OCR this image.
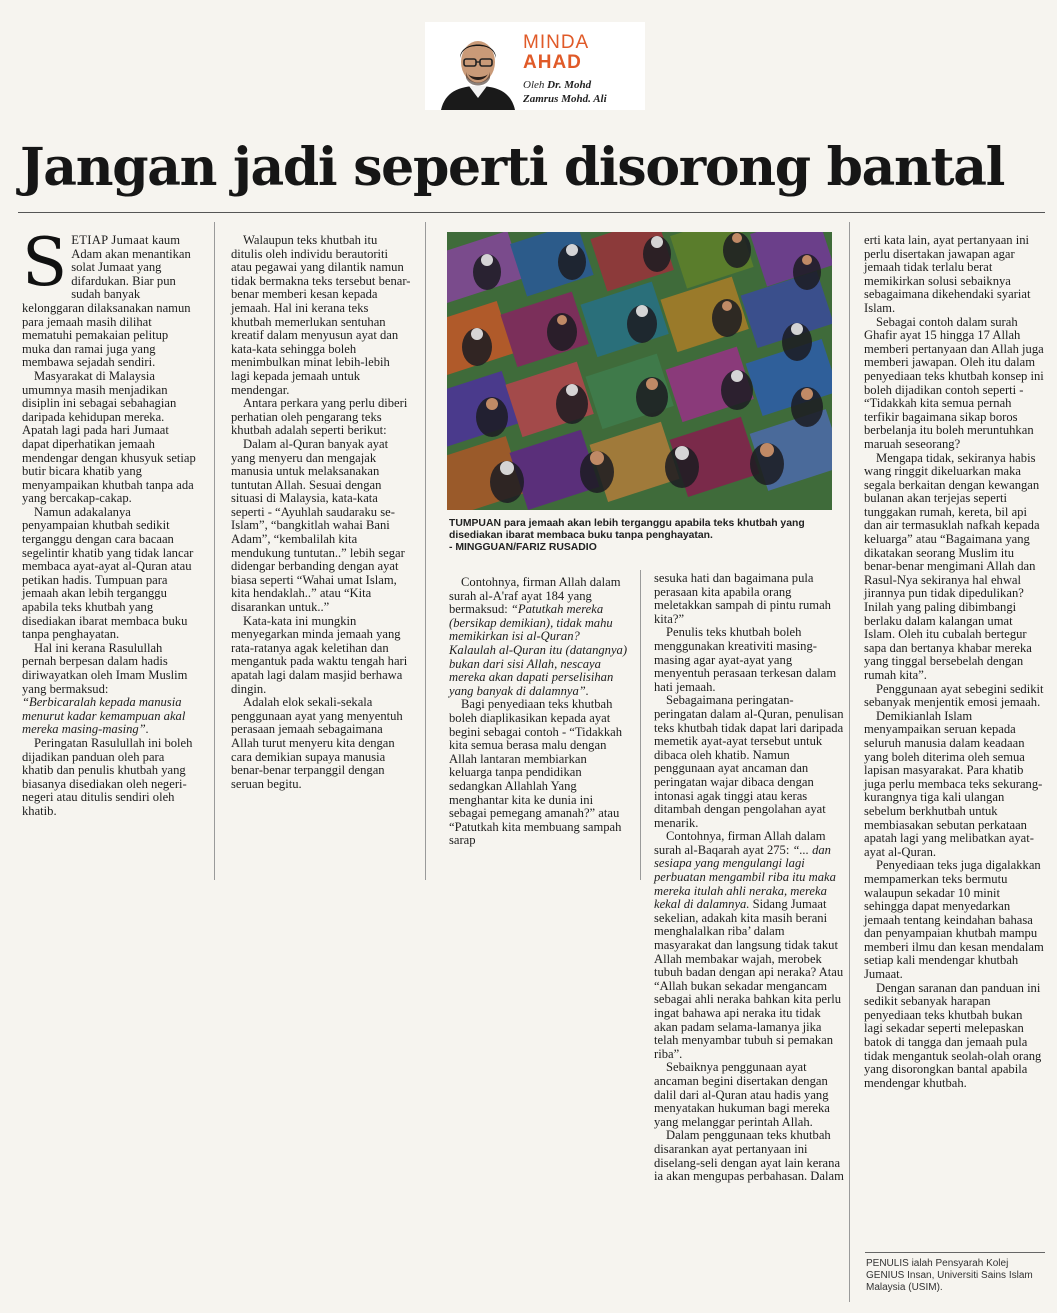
MINDA
AHAD
Oleh Dr. Mohd
Zamrus Mohd. Ali
Jangan jadi seperti disorong bantal

SETIAP Jumaat kaum Adam akan menantikan solat Jumaat yang difardukan. Biar pun sudah banyak kelonggaran dilaksanakan namun para jemaah masih dilihat mematuhi pemakaian pelitup muka dan ramai juga yang membawa sejadah sendiri.

Masyarakat di Malaysia umumnya masih menjadikan disiplin ini sebagai sebahagian daripada kehidupan mereka. Apatah lagi pada hari Jumaat dapat diperhatikan jemaah mendengar dengan khusyuk setiap butir bicara khatib yang menyampaikan khutbah tanpa ada yang bercakap-cakap.

Namun adakalanya penyampaian khutbah sedikit terganggu dengan cara bacaan segelintir khatib yang tidak lancar membaca ayat-ayat al-Quran atau petikan hadis. Tumpuan para jemaah akan lebih terganggu apabila teks khutbah yang disediakan ibarat membaca buku tanpa penghayatan.

Hal ini kerana Rasulullah pernah berpesan dalam hadis diriwayatkan oleh Imam Muslim yang bermaksud:

“Berbicaralah kepada manusia menurut kadar kemampuan akal mereka masing-masing”.

Peringatan Rasulullah ini boleh dijadikan panduan oleh para khatib dan penulis khutbah yang biasanya disediakan oleh negeri-negeri atau ditulis sendiri oleh khatib.

Walaupun teks khutbah itu ditulis oleh individu berautoriti atau pegawai yang dilantik namun tidak bermakna teks tersebut benar-benar memberi kesan kepada jemaah. Hal ini kerana teks khutbah memerlukan sentuhan kreatif dalam menyusun ayat dan kata-kata sehingga boleh menimbulkan minat lebih-lebih lagi kepada jemaah untuk mendengar.

Antara perkara yang perlu diberi perhatian oleh pengarang teks khutbah adalah seperti berikut:

Dalam al-Quran banyak ayat yang menyeru dan mengajak manusia untuk melaksanakan tuntutan Allah. Sesuai dengan situasi di Malaysia, kata-kata seperti - “Ayuhlah saudaraku se-Islam”, “bangkitlah wahai Bani Adam”, “kembalilah kita mendukung tuntutan..” lebih segar didengar berbanding dengan ayat biasa seperti “Wahai umat Islam, kita hendaklah..” atau “Kita disarankan untuk..”

Kata-kata ini mungkin menyegarkan minda jemaah yang rata-ratanya agak keletihan dan mengantuk pada waktu tengah hari apatah lagi dalam masjid berhawa dingin.

Adalah elok sekali-sekala penggunaan ayat yang menyentuh perasaan jemaah sebagaimana Allah turut menyeru kita dengan cara demikian supaya manusia benar-benar terpanggil dengan seruan begitu.

TUMPUAN para jemaah akan lebih terganggu apabila teks khutbah yang disediakan ibarat membaca buku tanpa penghayatan.
- MINGGUAN/FARIZ RUSADIO

Contohnya, firman Allah dalam surah al-A'raf ayat 184 yang bermaksud: “Patutkah mereka (bersikap demikian), tidak mahu memikirkan isi al-Quran? Kalaulah al-Quran itu (datangnya) bukan dari sisi Allah, nescaya mereka akan dapati perselisihan yang banyak di dalamnya”.

Bagi penyediaan teks khutbah boleh diaplikasikan kepada ayat begini sebagai contoh - “Tidakkah kita semua berasa malu dengan Allah lantaran membiarkan keluarga tanpa pendidikan sedangkan Allahlah Yang menghantar kita ke dunia ini sebagai pemegang amanah?” atau “Patutkah kita membuang sampah sarap

sesuka hati dan bagaimana pula perasaan kita apabila orang meletakkan sampah di pintu rumah kita?”

Penulis teks khutbah boleh menggunakan kreativiti masing-masing agar ayat-ayat yang menyentuh perasaan terkesan dalam hati jemaah.

Sebagaimana peringatan-peringatan dalam al-Quran, penulisan teks khutbah tidak dapat lari daripada memetik ayat-ayat tersebut untuk dibaca oleh khatib. Namun penggunaan ayat ancaman dan peringatan wajar dibaca dengan intonasi agak tinggi atau keras ditambah dengan pengolahan ayat menarik.

Contohnya, firman Allah dalam surah al-Baqarah ayat 275: “... dan sesiapa yang mengulangi lagi perbuatan mengambil riba itu maka mereka itulah ahli neraka, mereka kekal di dalamnya. Sidang Jumaat sekelian, adakah kita masih berani menghalalkan riba’ dalam masyarakat dan langsung tidak takut Allah membakar wajah, merobek tubuh badan dengan api neraka? Atau “Allah bukan sekadar mengancam sebagai ahli neraka bahkan kita perlu ingat bahawa api neraka itu tidak akan padam selama-lamanya jika telah menyambar tubuh si pemakan riba”.

Sebaiknya penggunaan ayat ancaman begini disertakan dengan dalil dari al-Quran atau hadis yang menyatakan hukuman bagi mereka yang melanggar perintah Allah.

Dalam penggunaan teks khutbah disarankan ayat pertanyaan ini diselang-seli dengan ayat lain kerana ia akan mengupas perbahasan. Dalam

erti kata lain, ayat pertanyaan ini perlu disertakan jawapan agar jemaah tidak terlalu berat memikirkan solusi sebaiknya sebagaimana dikehendaki syariat Islam.

Sebagai contoh dalam surah Ghafir ayat 15 hingga 17 Allah memberi pertanyaan dan Allah juga memberi jawapan. Oleh itu dalam penyediaan teks khutbah konsep ini boleh dijadikan contoh seperti - “Tidakkah kita semua pernah terfikir bagaimana sikap boros berbelanja itu boleh meruntuhkan maruah seseorang?

Mengapa tidak, sekiranya habis wang ringgit dikeluarkan maka segala berkaitan dengan kewangan bulanan akan terjejas seperti tunggakan rumah, kereta, bil api dan air termasuklah nafkah kepada keluarga” atau “Bagaimana yang dikatakan seorang Muslim itu benar-benar mengimani Allah dan Rasul-Nya sekiranya hal ehwal jirannya pun tidak dipedulikan? Inilah yang paling dibimbangi berlaku dalam kalangan umat Islam. Oleh itu cubalah bertegur sapa dan bertanya khabar mereka yang tinggal bersebelah dengan rumah kita”.

Penggunaan ayat sebegini sedikit sebanyak menjentik emosi jemaah.

Demikianlah Islam menyampaikan seruan kepada seluruh manusia dalam keadaan yang boleh diterima oleh semua lapisan masyarakat. Para khatib juga perlu membaca teks sekurang-kurangnya tiga kali ulangan sebelum berkhutbah untuk membiasakan sebutan perkataan apatah lagi yang melibatkan ayat-ayat al-Quran.

Penyediaan teks juga digalakkan mempamerkan teks bermutu walaupun sekadar 10 minit sehingga dapat menyedarkan jemaah tentang keindahan bahasa dan penyampaian khutbah mampu memberi ilmu dan kesan mendalam setiap kali mendengar khutbah Jumaat.

Dengan saranan dan panduan ini sedikit sebanyak harapan penyediaan teks khutbah bukan lagi sekadar seperti melepaskan batok di tangga dan jemaah pula tidak mengantuk seolah-olah orang yang disorongkan bantal apabila mendengar khutbah.

PENULIS ialah Pensyarah Kolej GENIUS Insan, Universiti Sains Islam Malaysia (USIM).
